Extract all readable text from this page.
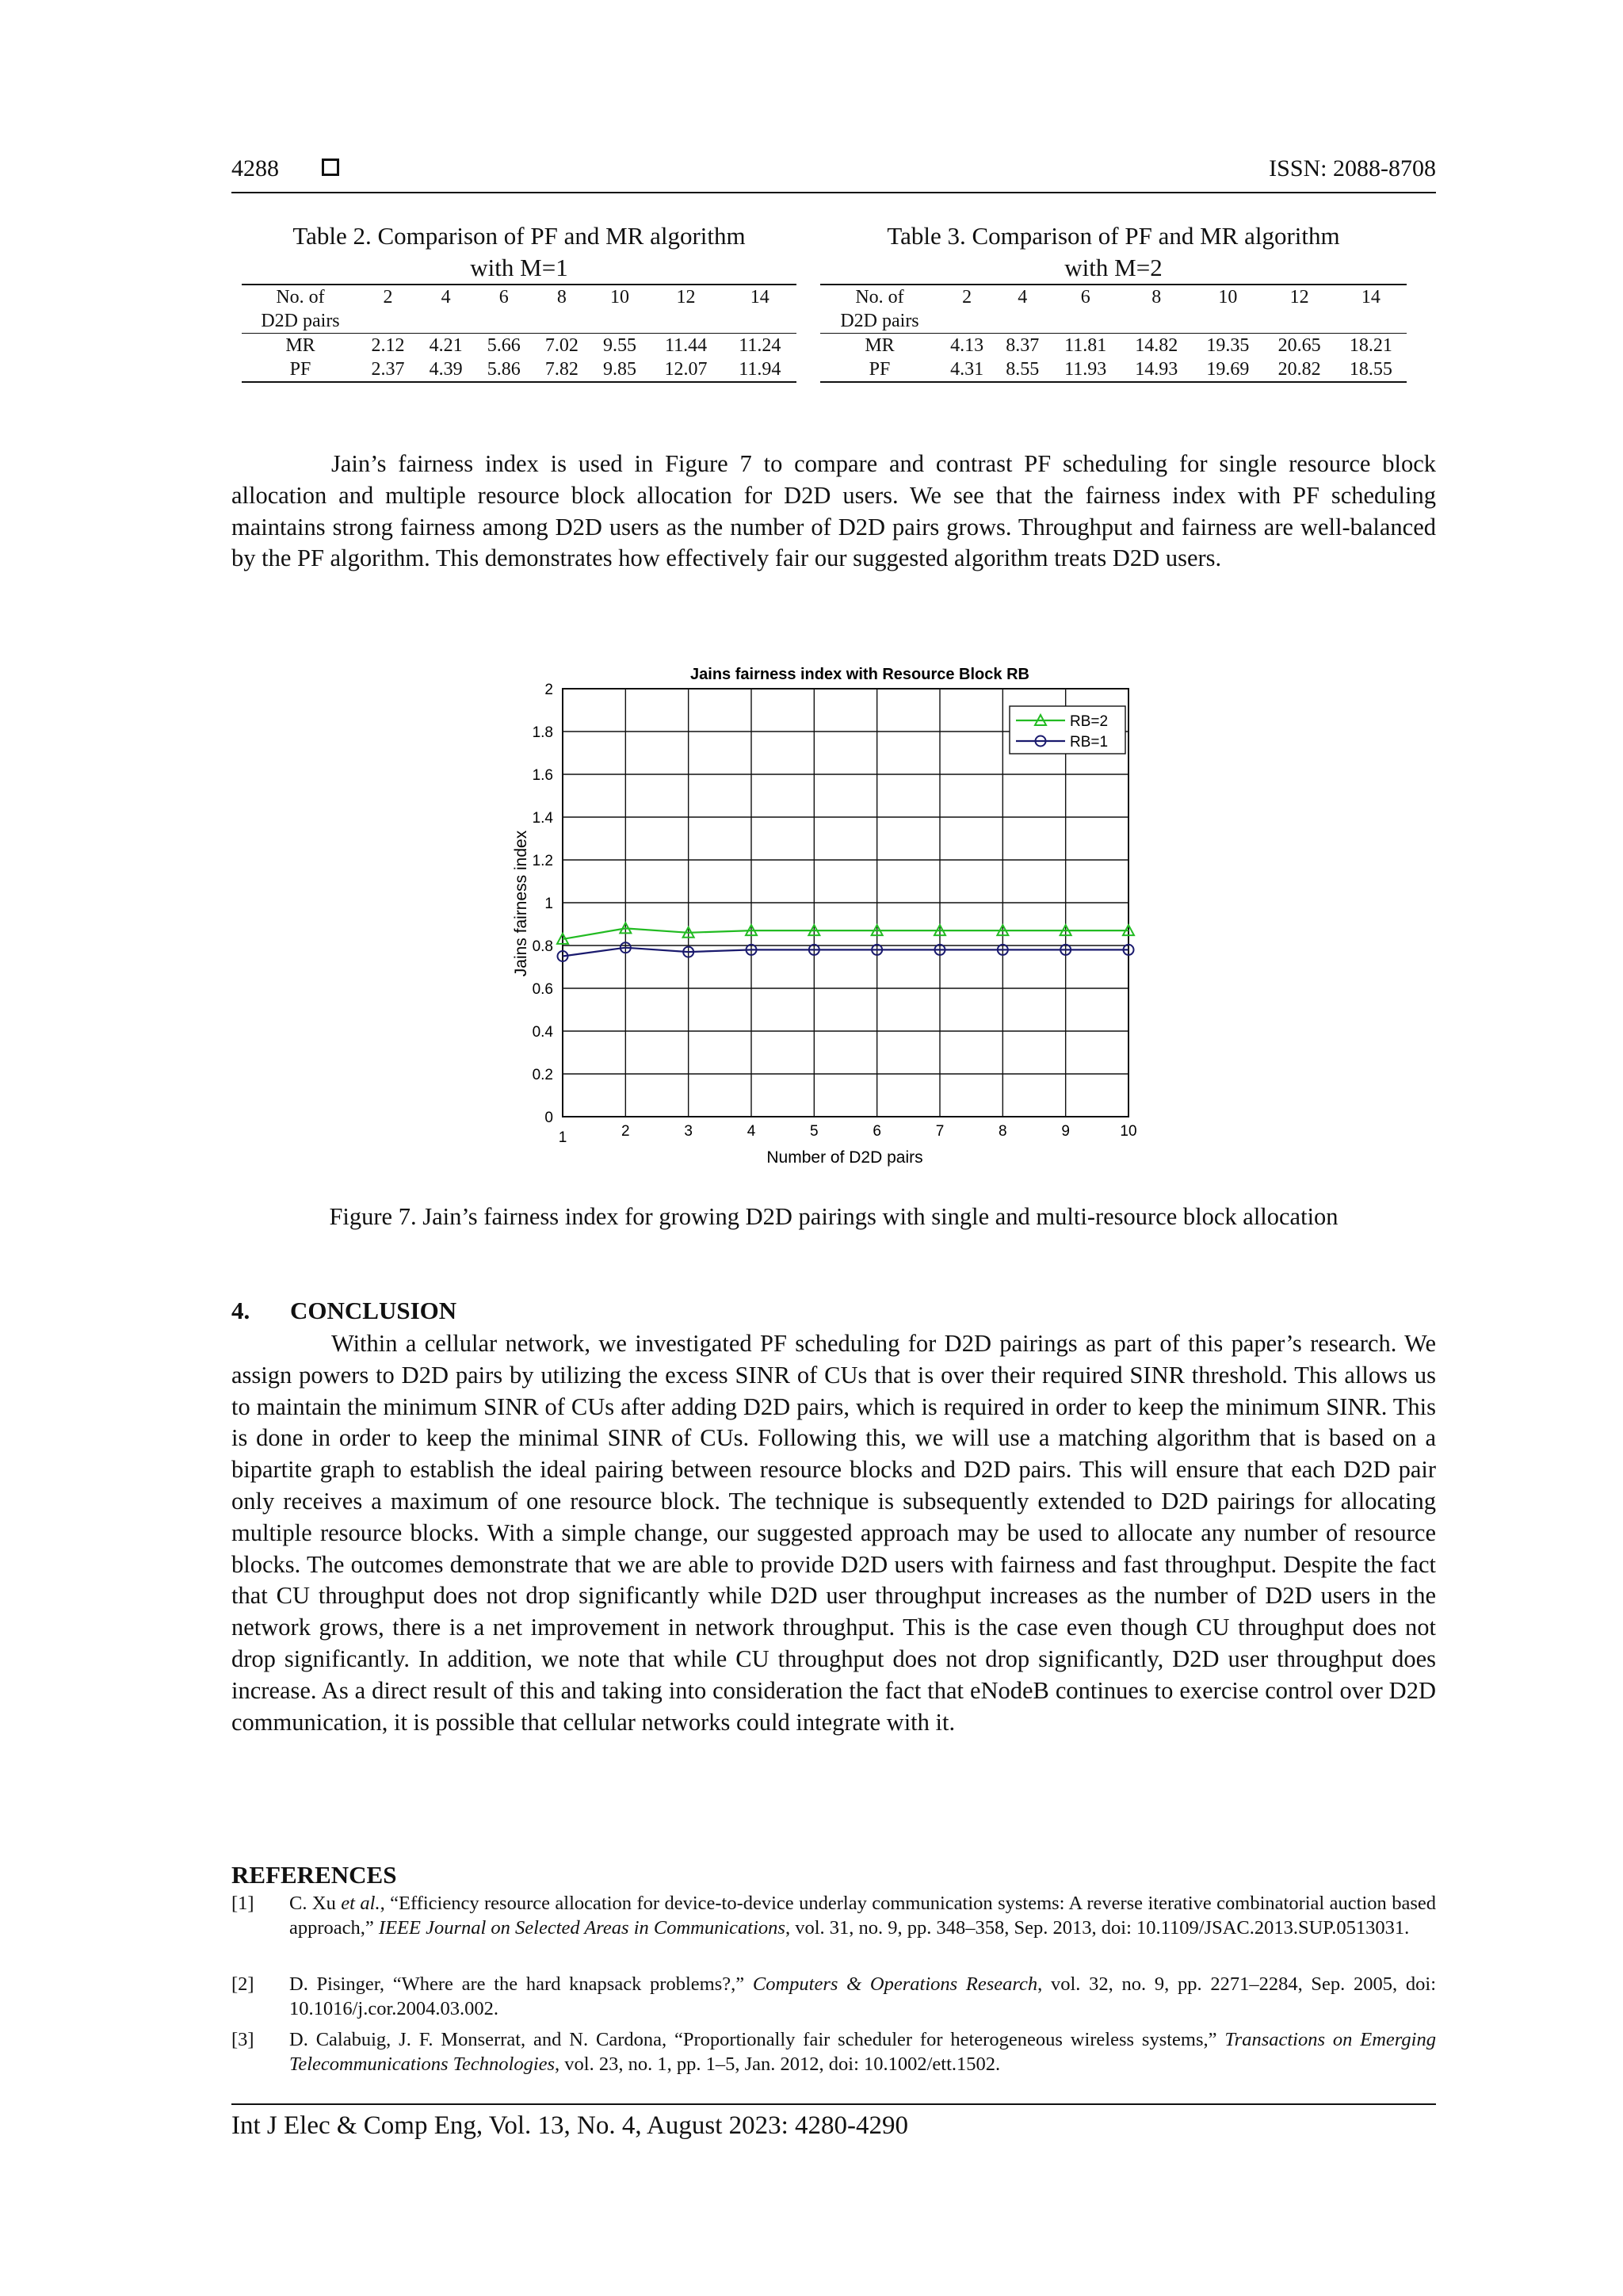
4288	ISSN: 2088-8708
Table 2. Comparison of PF and MR algorithm
with M=1
No. of
D2D pairs	2	4	6	8	10	12	14
MR	2.12	4.21	5.66	7.02	9.55	11.44	11.24
PF	2.37	4.39	5.86	7.82	9.85	12.07	11.94
Table 3. Comparison of PF and MR algorithm
with M=2
No. of
D2D pairs	2	4	6	8	10	12	14
MR	4.13	8.37	11.81	14.82	19.35	20.65	18.21
PF	4.31	8.55	11.93	14.93	19.69	20.82	18.55
Jain’s fairness index is used in Figure 7 to compare and contrast PF scheduling for single resource block allocation and multiple resource block allocation for D2D users. We see that the fairness index with PF scheduling maintains strong fairness among D2D users as the number of D2D pairs grows. Throughput and fairness are well-balanced by the PF algorithm. This demonstrates how effectively fair our suggested algorithm treats D2D users.
Jains fairness index with Resource Block RB
0
0.2
0.4
0.6
0.8
1
1.2
1.4
1.6
1.8
2
1	2	3	4	5	6	7	8	9	10
Number of D2D pairs
Jains fairness index
RB=2
RB=1
Figure 7. Jain’s fairness index for growing D2D pairings with single and multi-resource block allocation
4. CONCLUSION
Within a cellular network, we investigated PF scheduling for D2D pairings as part of this paper’s research. We assign powers to D2D pairs by utilizing the excess SINR of CUs that is over their required SINR threshold. This allows us to maintain the minimum SINR of CUs after adding D2D pairs, which is required in order to keep the minimum SINR. This is done in order to keep the minimal SINR of CUs. Following this, we will use a matching algorithm that is based on a bipartite graph to establish the ideal pairing between resource blocks and D2D pairs. This will ensure that each D2D pair only receives a maximum of one resource block. The technique is subsequently extended to D2D pairings for allocating multiple resource blocks. With a simple change, our suggested approach may be used to allocate any number of resource blocks. The outcomes demonstrate that we are able to provide D2D users with fairness and fast throughput. Despite the fact that CU throughput does not drop significantly while D2D user throughput increases as the number of D2D users in the network grows, there is a net improvement in network throughput. This is the case even though CU throughput does not drop significantly. In addition, we note that while CU throughput does not drop significantly, D2D user throughput does increase. As a direct result of this and taking into consideration the fact that eNodeB continues to exercise control over D2D communication, it is possible that cellular networks could integrate with it.
REFERENCES
[1] C. Xu et al., “Efficiency resource allocation for device-to-device underlay communication systems: A reverse iterative combinatorial auction based approach,” IEEE Journal on Selected Areas in Communications, vol. 31, no. 9, pp. 348–358, Sep. 2013, doi: 10.1109/JSAC.2013.SUP.0513031.
[2] D. Pisinger, “Where are the hard knapsack problems?,” Computers & Operations Research, vol. 32, no. 9, pp. 2271–2284, Sep. 2005, doi: 10.1016/j.cor.2004.03.002.
[3] D. Calabuig, J. F. Monserrat, and N. Cardona, “Proportionally fair scheduler for heterogeneous wireless systems,” Transactions on Emerging Telecommunications Technologies, vol. 23, no. 1, pp. 1–5, Jan. 2012, doi: 10.1002/ett.1502.
Int J Elec & Comp Eng, Vol. 13, No. 4, August 2023: 4280-4290
